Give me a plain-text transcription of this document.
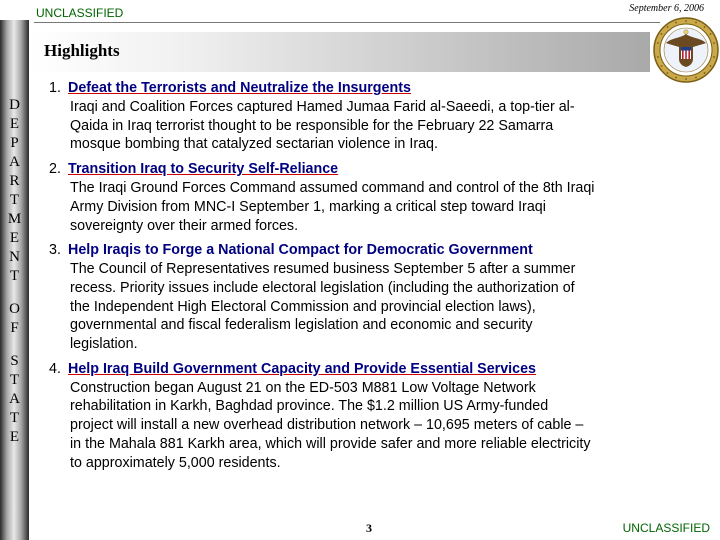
UNCLASSIFIED	September 6, 2006
D
E
P
A
R
T
M
E
N
T
O
F
S
T
A
T
E
Highlights
1. Defeat the Terrorists and Neutralize the Insurgents
Iraqi and Coalition Forces captured Hamed Jumaa Farid al-Saeedi, a top-tier al-
Qaida in Iraq terrorist thought to be responsible for the February 22 Samarra
mosque bombing that catalyzed sectarian violence in Iraq.
2. Transition Iraq to Security Self-Reliance
The Iraqi Ground Forces Command assumed command and control of the 8th Iraqi
Army Division from MNC-I September 1, marking a critical step toward Iraqi
sovereignty over their armed forces.
3. Help Iraqis to Forge a National Compact for Democratic Government
The Council of Representatives resumed business September 5 after a summer
recess. Priority issues include electoral legislation (including the authorization of
the Independent High Electoral Commission and provincial election laws),
governmental and fiscal federalism legislation and economic and security
legislation.
4. Help Iraq Build Government Capacity and Provide Essential Services
Construction began August 21 on the ED-503 M881 Low Voltage Network
rehabilitation in Karkh, Baghdad province. The $1.2 million US Army-funded
project will install a new overhead distribution network – 10,695 meters of cable –
in the Mahala 881 Karkh area, which will provide safer and more reliable electricity
to approximately 5,000 residents.
3	UNCLASSIFIED
